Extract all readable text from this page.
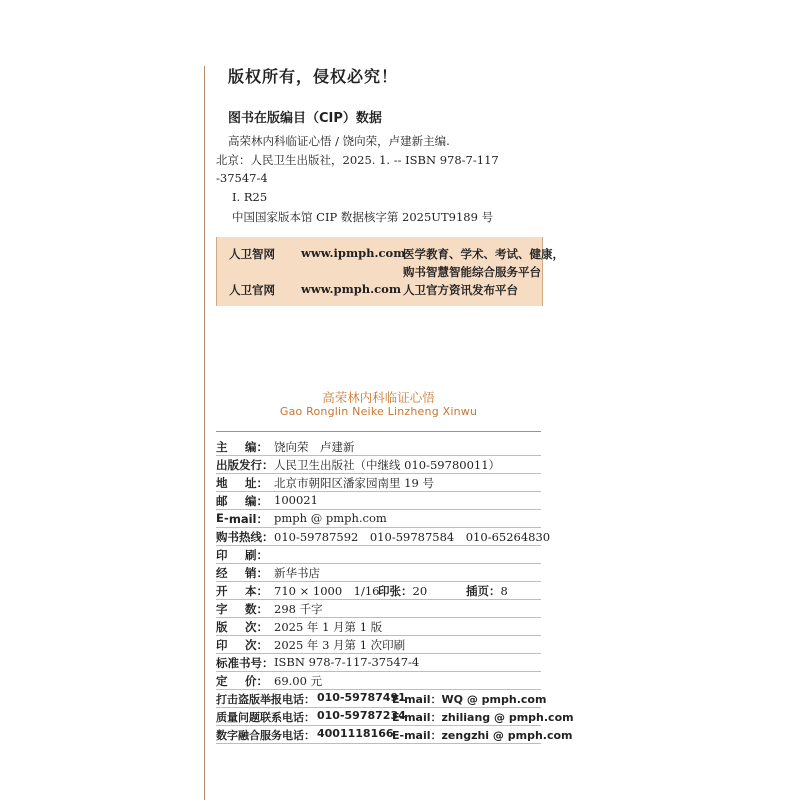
版权所有，侵权必究！
图书在版编目（CIP）数据
高荣林内科临证心悟 / 饶向荣，卢建新主编.
北京：人民卫生出版社，2025. 1. -- ISBN 978-7-117
-37547-4
Ⅰ. R25
中国国家版本馆 CIP 数据核字第 2025UT9189 号
人卫智网 www.ipmph.com
医学教育、学术、考试、健康，
购书智慧智能综合服务平台
人卫官网 www.pmph.com 人卫官方资讯发布平台
高荣林内科临证心悟
Gao Ronglin Neike Linzheng Xinwu
主 编： 饶向荣　卢建新
出版发行： 人民卫生出版社（中继线 010-59780011）
地 址： 北京市朝阳区潘家园南里 19 号
邮 编： 100021
E - mail： pmph @ pmph.com
购书热线： 010-59787592　010-59787584　010-65264830
印 刷：
经 销： 新华书店
开 本： 710 × 1000　1/16
印张：20	插页：8
字 数： 298 千字
版 次： 2025 年 1 月第 1 版
印 次： 2025 年 3 月第 1 次印刷
标准书号： ISBN 978-7-117-37547-4
定 价： 69.00 元
打击盗版举报电话： 010-59787491
E-mail：WQ @ pmph.com
质量问题联系电话： 010-59787234
E-mail：zhiliang @ pmph.com
数字融合服务电话： 4001118166
E-mail：zengzhi @ pmph.com
